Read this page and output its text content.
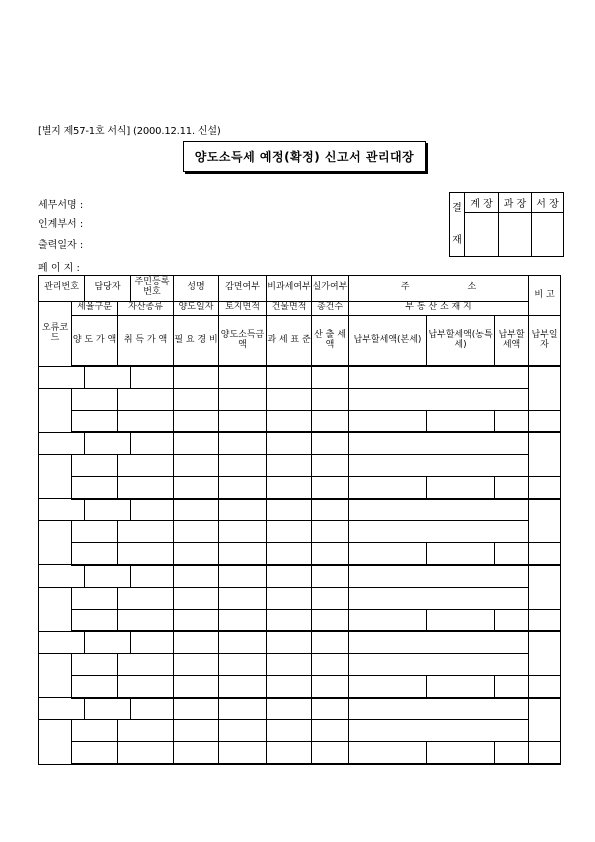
[별지 제57-1호 서식] (2000.12.11. 신설)
양도소득세 예정(확정) 신고서 관리대장
세무서명 :
인계부서 :
출력일자 :
페 이 지 :
결

재	계 장	과 장	서 장

관리번호		담당자		주민등록번호	성명	감면여부	비과세여부	실가여부	주 소			비 고
오류코드	세율구분		자산종류		양도일자	토지면적	건물면적	총건수	부 동 산 소 재 지			
	양 도 가 액		취 득 가 액		필 요 경 비	양도소득금액	과 세 표 준	산 출 세 액	납부할세액(본세)	납부할세액(농특세)	납부할 세액	납부일자
